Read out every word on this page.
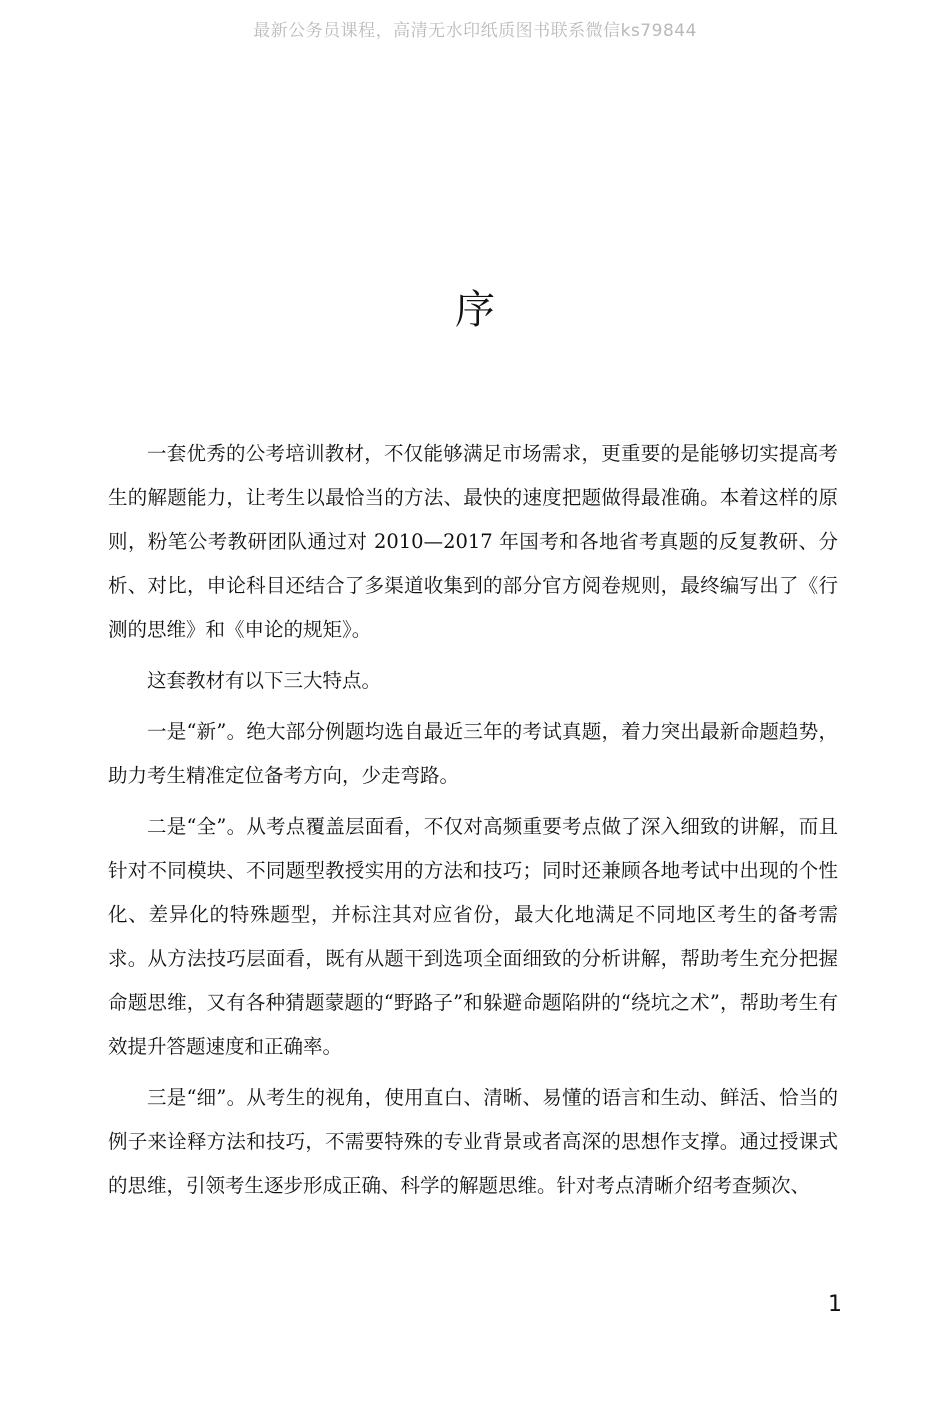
最新公务员课程，高清无水印纸质图书联系微信ks79844
序

一套优秀的公考培训教材，不仅能够满足市场需求，更重要的是能够切实提高考生的解题能力，让考生以最恰当的方法、最快的速度把题做得最准确。本着这样的原则，粉笔公考教研团队通过对 2010—2017 年国考和各地省考真题的反复教研、分析、对比，申论科目还结合了多渠道收集到的部分官方阅卷规则，最终编写出了《行测的思维》和《申论的规矩》。

这套教材有以下三大特点。

一是“新”。绝大部分例题均选自最近三年的考试真题，着力突出最新命题趋势，助力考生精准定位备考方向，少走弯路。

二是“全”。从考点覆盖层面看，不仅对高频重要考点做了深入细致的讲解，而且针对不同模块、不同题型教授实用的方法和技巧；同时还兼顾各地考试中出现的个性化、差异化的特殊题型，并标注其对应省份，最大化地满足不同地区考生的备考需求。从方法技巧层面看，既有从题干到选项全面细致的分析讲解，帮助考生充分把握命题思维，又有各种猜题蒙题的“野路子”和躲避命题陷阱的“绕坑之术”，帮助考生有效提升答题速度和正确率。

三是“细”。从考生的视角，使用直白、清晰、易懂的语言和生动、鲜活、恰当的例子来诠释方法和技巧，不需要特殊的专业背景或者高深的思想作支撑。通过授课式的思维，引领考生逐步形成正确、科学的解题思维。针对考点清晰介绍考查频次、

1
